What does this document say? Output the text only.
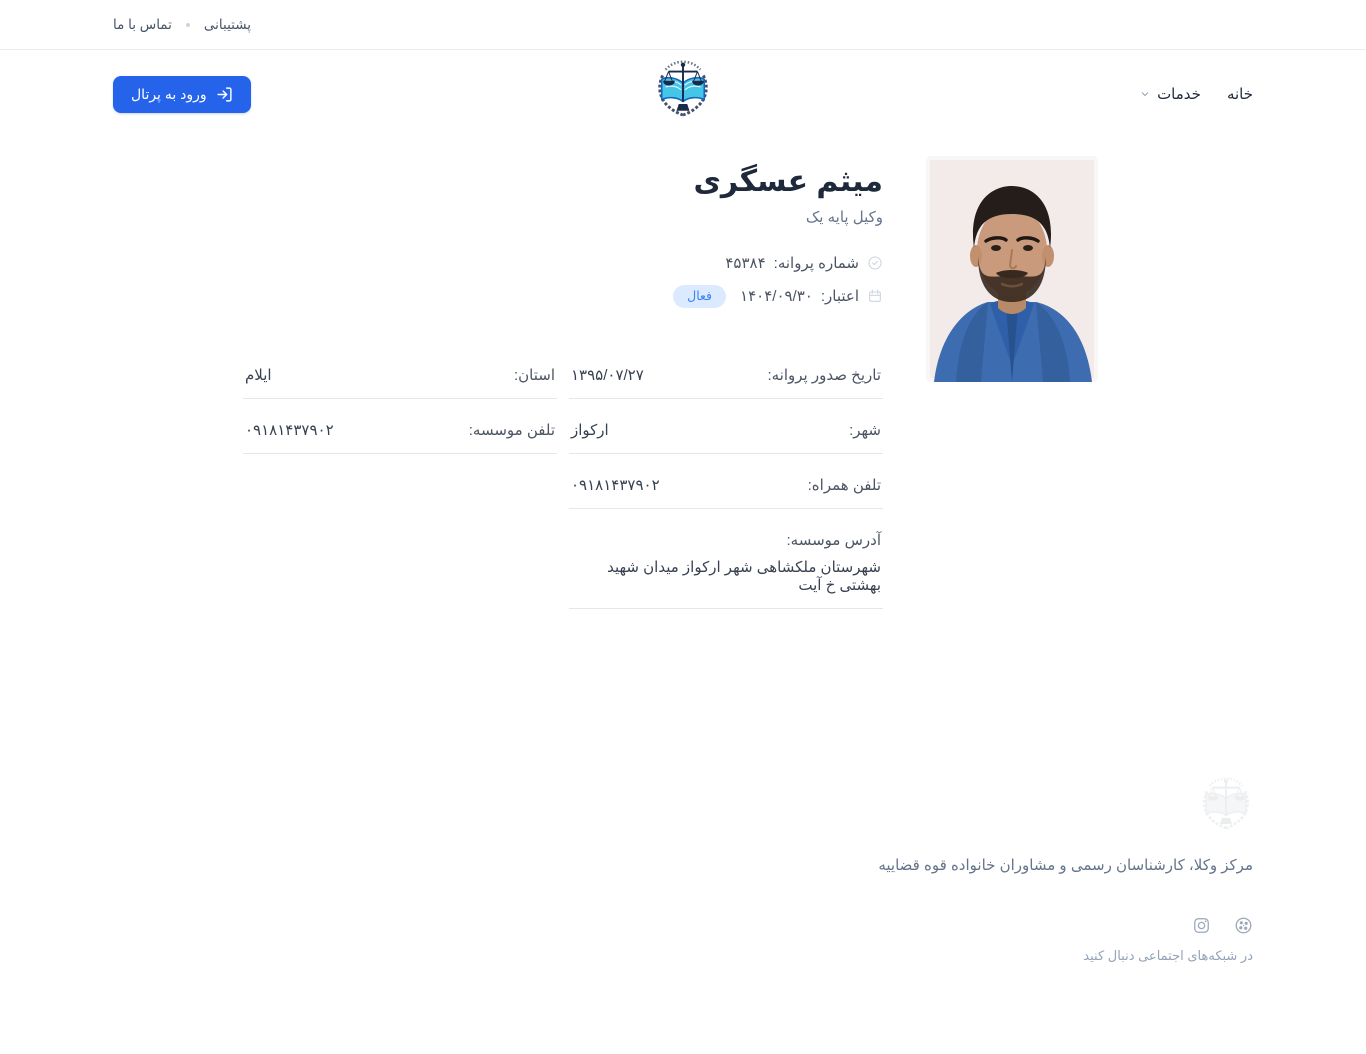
پشتیبانی
تماس با ما
خانه
خدمات
ورود به پرتال
میثم عسگری
وکیل پایه یک
شماره پروانه:
۴۵۳۸۴
اعتبار:
۱۴۰۴/۰۹/۳۰
فعال
تاریخ صدور پروانه:
۱۳۹۵/۰۷/۲۷
استان:
ایلام
شهر:
ارکواز
تلفن موسسه:
۰۹۱۸۱۴۳۷۹۰۲
تلفن همراه:
۰۹۱۸۱۴۳۷۹۰۲
آدرس موسسه:
شهرستان ملکشاهی شهر ارکواز میدان شهید بهشتی خ آیت
مرکز وکلا، کارشناسان رسمی و مشاوران خانواده قوه قضاییه
در شبکه‌های اجتماعی دنبال کنید
